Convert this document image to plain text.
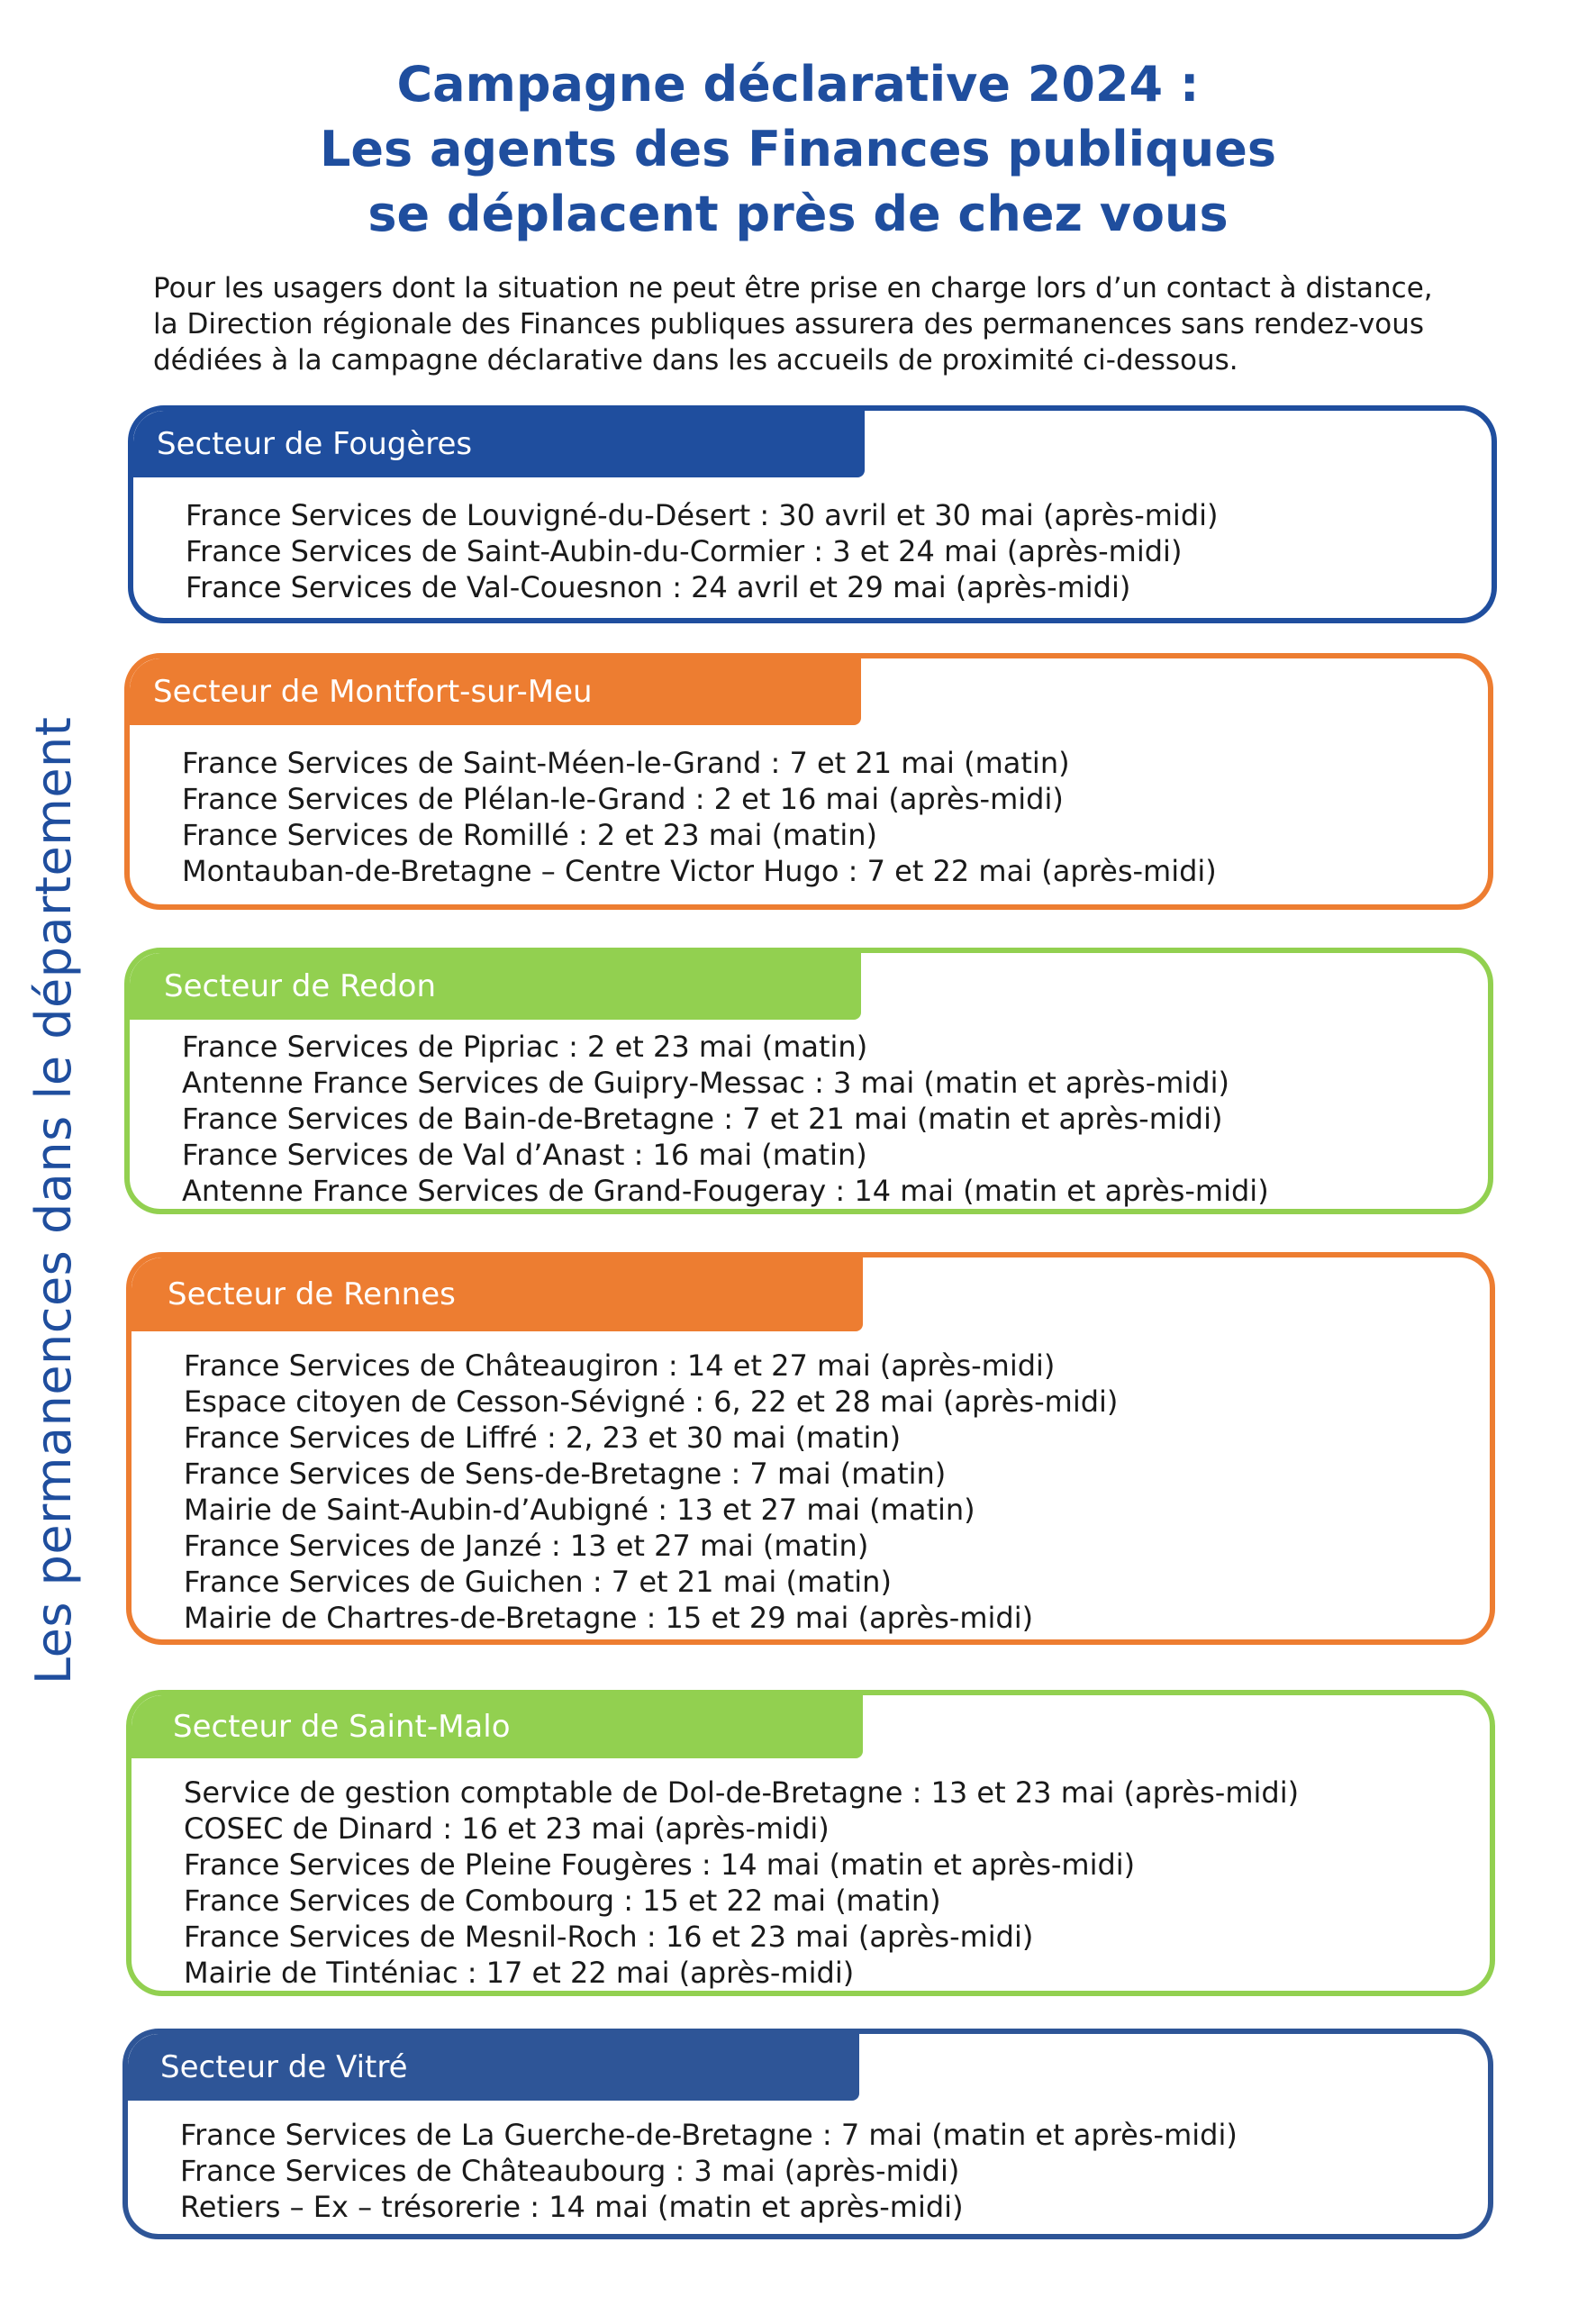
Campagne déclarative 2024 :
Les agents des Finances publiques
se déplacent près de chez vous

Pour les usagers dont la situation ne peut être prise en charge lors d’un contact à distance,
la Direction régionale des Finances publiques assurera des permanences sans rendez-vous
dédiées à la campagne déclarative dans les accueils de proximité ci-dessous.

Les permanences dans le département
Secteur de Fougères
France Services de Louvigné-du-Désert : 30 avril et 30 mai (après-midi)
France Services de Saint-Aubin-du-Cormier : 3 et 24 mai (après-midi)
France Services de Val-Couesnon : 24 avril et 29 mai (après-midi)
Secteur de Montfort-sur-Meu
France Services de Saint-Méen-le-Grand : 7 et 21 mai (matin)
France Services de Plélan-le-Grand : 2 et 16 mai (après-midi)
France Services de Romillé : 2 et 23 mai (matin)
Montauban-de-Bretagne – Centre Victor Hugo : 7 et 22 mai (après-midi)
Secteur de Redon
France Services de Pipriac : 2 et 23 mai (matin)
Antenne France Services de Guipry-Messac : 3 mai (matin et après-midi)
France Services de Bain-de-Bretagne : 7 et 21 mai (matin et après-midi)
France Services de Val d’Anast : 16 mai (matin)
Antenne France Services de Grand-Fougeray : 14 mai (matin et après-midi)
Secteur de Rennes
France Services de Châteaugiron : 14 et 27 mai (après-midi)
Espace citoyen de Cesson-Sévigné : 6, 22 et 28 mai (après-midi)
France Services de Liffré : 2, 23 et 30 mai (matin)
France Services de Sens-de-Bretagne : 7 mai (matin)
Mairie de Saint-Aubin-d’Aubigné : 13 et 27 mai (matin)
France Services de Janzé : 13 et 27 mai (matin)
France Services de Guichen : 7 et 21 mai (matin)
Mairie de Chartres-de-Bretagne : 15 et 29 mai (après-midi)
Secteur de Saint-Malo
Service de gestion comptable de Dol-de-Bretagne : 13 et 23 mai (après-midi)
COSEC de Dinard : 16 et 23 mai (après-midi)
France Services de Pleine Fougères : 14 mai (matin et après-midi)
France Services de Combourg : 15 et 22 mai (matin)
France Services de Mesnil-Roch : 16 et 23 mai (après-midi)
Mairie de Tinténiac : 17 et 22 mai (après-midi)
Secteur de Vitré
France Services de La Guerche-de-Bretagne : 7 mai (matin et après-midi)
France Services de Châteaubourg : 3 mai (après-midi)
Retiers – Ex – trésorerie : 14 mai (matin et après-midi)
